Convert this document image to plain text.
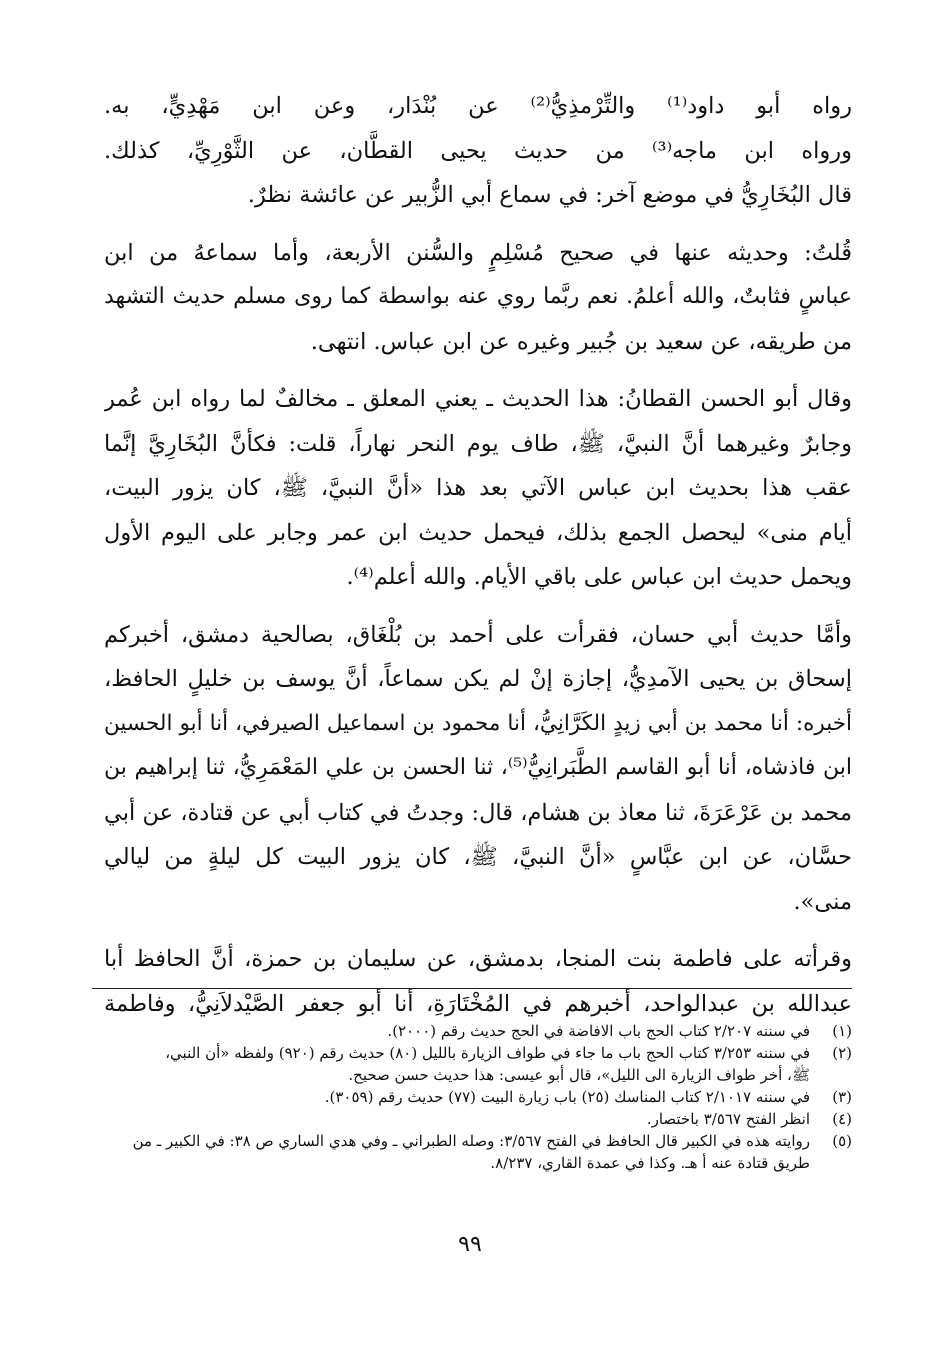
رواه أبو داود⁽¹⁾ والتِّرْمذِيُّ⁽²⁾ عن بُنْدَار، وعن ابن مَهْدِيٍّ، به.
ورواه ابن ماجه⁽³⁾ من حديث يحيى القطَّان، عن الثَّوْرِيِّ، كذلك.
قال البُخَارِيُّ في موضع آخر: في سماع أبي الزُّبير عن عائشة نظرٌ.
قُلتُ: وحديثه عنها في صحيح مُسْلِمٍ والسُّنن الأربعة، وأما سماعهُ من ابن
عباسٍ فثابتٌ، والله أعلمُ. نعم ربَّما روي عنه بواسطة كما روى مسلم حديث التشهد
من طريقه، عن سعيد بن جُبير وغيره عن ابن عباس. انتهى.
وقال أبو الحسن القطانُ: هذا الحديث ـ يعني المعلق ـ مخالفٌ لما رواه ابن عُمر
وجابرٌ وغيرهما أنَّ النبيَّ، ﷺ، طاف يوم النحر نهاراً، قلت: فكأنَّ البُخَارِيَّ إنَّما
عقب هذا بحديث ابن عباس الآتي بعد هذا «أنَّ النبيَّ، ﷺ، كان يزور البيت،
أيام منى» ليحصل الجمع بذلك، فيحمل حديث ابن عمر وجابر على اليوم الأول
ويحمل حديث ابن عباس على باقي الأيام. والله أعلم⁽⁴⁾.
وأمَّا حديث أبي حسان، فقرأت على أحمد بن بُلْغَاق، بصالحية دمشق، أخبركم
إسحاق بن يحيى الآمدِيُّ، إجازة إنْ لم يكن سماعاً، أنَّ يوسف بن خليلٍ الحافظ،
أخبره: أنا محمد بن أبي زيدٍ الكَرَّانِيُّ، أنا محمود بن اسماعيل الصيرفي، أنا أبو الحسين
ابن فاذشاه، أنا أبو القاسم الطَّبَرانِيُّ⁽⁵⁾، ثنا الحسن بن علي المَعْمَرِيُّ، ثنا إبراهيم بن
محمد بن عَرْعَرَةَ، ثنا معاذ بن هشام، قال: وجدتُ في كتاب أبي عن قتادة، عن أبي
حسَّان، عن ابن عبَّاسٍ «أنَّ النبيَّ، ﷺ، كان يزور البيت كل ليلةٍ من ليالي
منى».
وقرأته على فاطمة بنت المنجا، بدمشق، عن سليمان بن حمزة، أنَّ الحافظ أبا
عبدالله بن عبدالواحد، أخبرهم في المُخْتَارَةِ، أنا أبو جعفر الصَّيْدلاَنِيُّ، وفاطمة
(١)
في سننه ٢/٢٠٧ كتاب الحج باب الافاضة في الحج حديث رقم (٢٠٠٠).
(٢)
في سننه ٣/٢٥٣ كتاب الحج باب ما جاء في طواف الزيارة بالليل (٨٠) حديث رقم (٩٢٠) ولفظه «أن النبي،
ﷺ، أخر طواف الزيارة الى الليل»، قال أبو عيسى: هذا حديث حسن صحيح.
(٣)
في سننه ٢/١٠١٧ كتاب المناسك (٢٥) باب زيارة البيت (٧٧) حديث رقم (٣٠٥٩).
(٤)
انظر الفتح ٣/٥٦٧ باختصار.
(٥)
روايته هذه في الكبير قال الحافظ في الفتح ٣/٥٦٧: وصله الطبراني ـ وفي هدي الساري ص ٣٨: في الكبير ـ من
طريق قتادة عنه أ هـ. وكذا في عمدة القاري، ٨/٢٣٧.
٩٩
